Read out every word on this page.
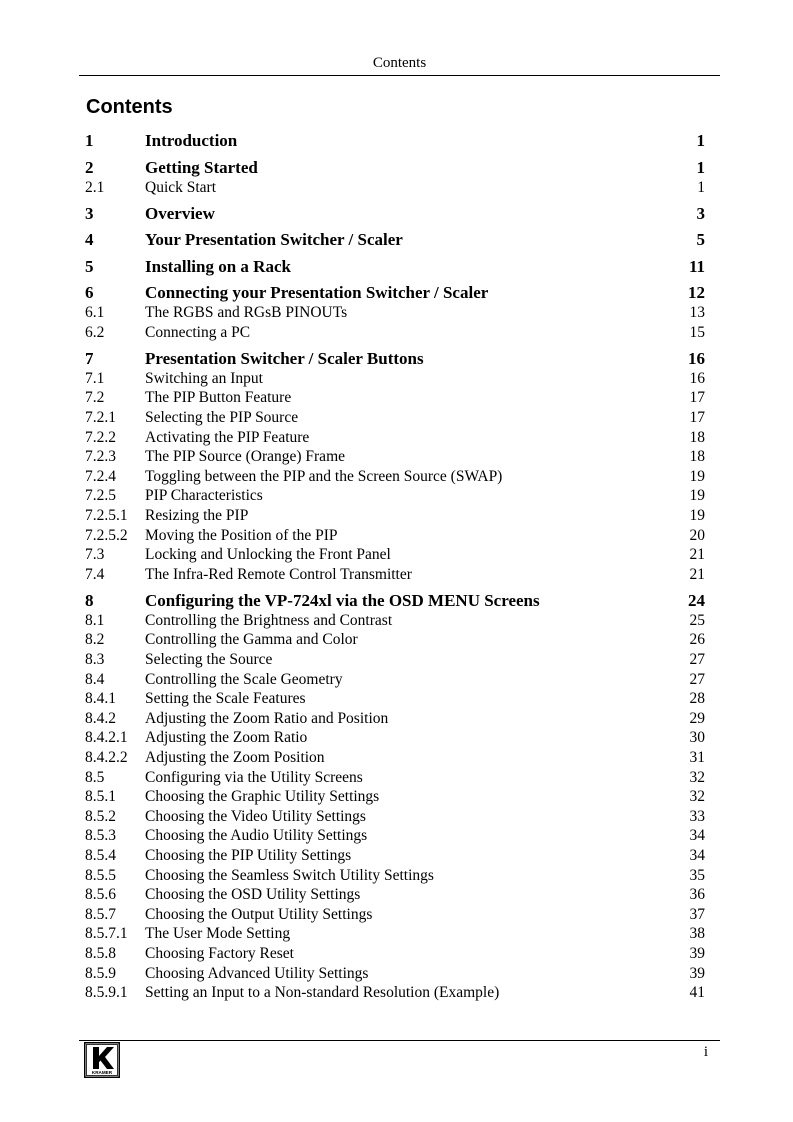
Contents
Contents
1	Introduction	1
2	Getting Started	1
2.1	Quick Start	1
3	Overview	3
4	Your Presentation Switcher / Scaler	5
5	Installing on a Rack	11
6	Connecting your Presentation Switcher / Scaler	12
6.1	The RGBS and RGsB PINOUTs	13
6.2	Connecting a PC	15
7	Presentation Switcher / Scaler Buttons	16
7.1	Switching an Input	16
7.2	The PIP Button Feature	17
7.2.1 Selecting the PIP Source	17
7.2.2 Activating the PIP Feature	18
7.2.3 The PIP Source (Orange) Frame	18
7.2.4 Toggling between the PIP and the Screen Source (SWAP)	19
7.2.5 PIP Characteristics	19
7.2.5.1 Resizing the PIP	19
7.2.5.2 Moving the Position of the PIP	20
7.3	Locking and Unlocking the Front Panel	21
7.4	The Infra-Red Remote Control Transmitter	21
8	Configuring the VP-724xl via the OSD MENU Screens	24
8.1	Controlling the Brightness and Contrast	25
8.2	Controlling the Gamma and Color	26
8.3	Selecting the Source	27
8.4	Controlling the Scale Geometry	27
8.4.1 Setting the Scale Features	28
8.4.2 Adjusting the Zoom Ratio and Position	29
8.4.2.1 Adjusting the Zoom Ratio	30
8.4.2.2 Adjusting the Zoom Position	31
8.5	Configuring via the Utility Screens	32
8.5.1 Choosing the Graphic Utility Settings	32
8.5.2 Choosing the Video Utility Settings	33
8.5.3 Choosing the Audio Utility Settings	34
8.5.4 Choosing the PIP Utility Settings	34
8.5.5 Choosing the Seamless Switch Utility Settings	35
8.5.6 Choosing the OSD Utility Settings	36
8.5.7 Choosing the Output Utility Settings	37
8.5.7.1 The User Mode Setting	38
8.5.8 Choosing Factory Reset	39
8.5.9 Choosing Advanced Utility Settings	39
8.5.9.1 Setting an Input to a Non-standard Resolution (Example)	41
KRAMER
i
